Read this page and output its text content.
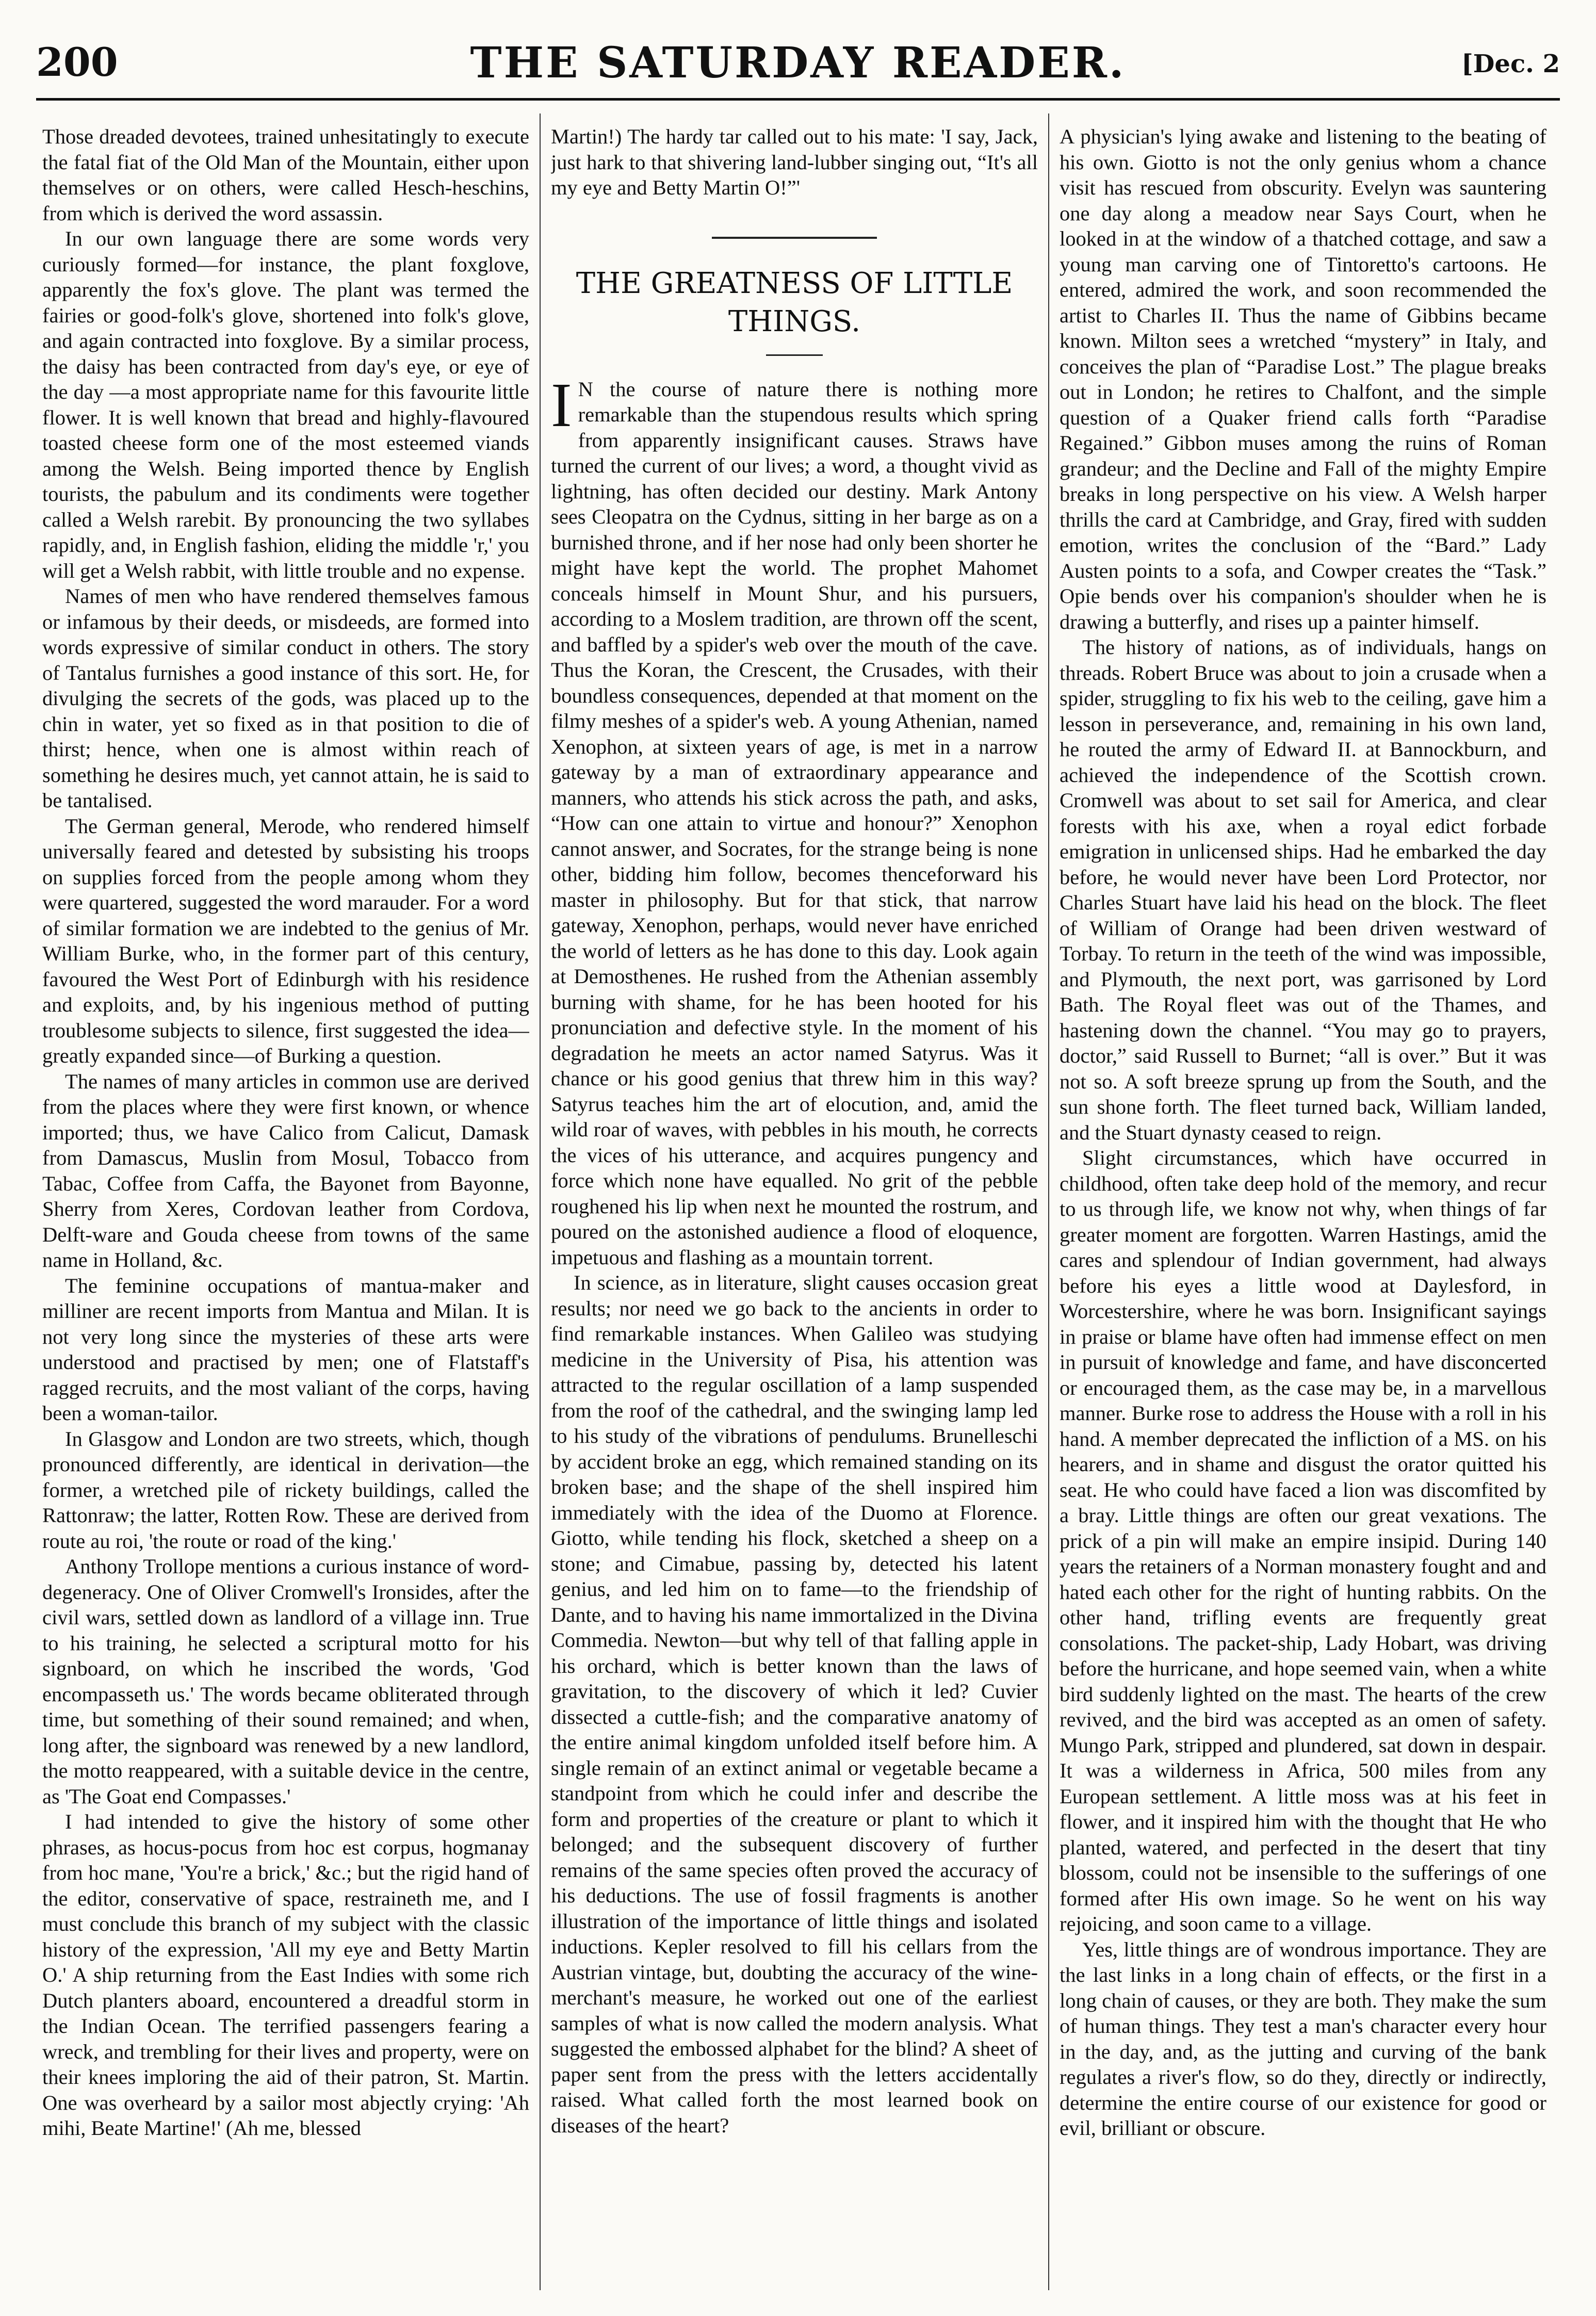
200	THE SATURDAY READER.	[Dec. 2

Those dreaded devotees, trained unhesitatingly to execute the fatal fiat of the Old Man of the Mountain, either upon themselves or on others, were called Hesch-heschins, from which is derived the word assassin.

In our own language there are some words very curiously formed—for instance, the plant foxglove, apparently the fox's glove. The plant was termed the fairies or good-folk's glove, shortened into folk's glove, and again contracted into foxglove. By a similar process, the daisy has been contracted from day's eye, or eye of the day —a most appropriate name for this favourite little flower. It is well known that bread and highly-flavoured toasted cheese form one of the most esteemed viands among the Welsh. Being imported thence by English tourists, the pabulum and its condiments were together called a Welsh rarebit. By pronouncing the two syllabes rapidly, and, in English fashion, eliding the middle 'r,' you will get a Welsh rabbit, with little trouble and no expense.

Names of men who have rendered themselves famous or infamous by their deeds, or misdeeds, are formed into words expressive of similar conduct in others. The story of Tantalus furnishes a good instance of this sort. He, for divulging the secrets of the gods, was placed up to the chin in water, yet so fixed as in that position to die of thirst; hence, when one is almost within reach of something he desires much, yet cannot attain, he is said to be tantalised.

The German general, Merode, who rendered himself universally feared and detested by subsisting his troops on supplies forced from the people among whom they were quartered, suggested the word marauder. For a word of similar formation we are indebted to the genius of Mr. William Burke, who, in the former part of this century, favoured the West Port of Edinburgh with his residence and exploits, and, by his ingenious method of putting troublesome subjects to silence, first suggested the idea—greatly expanded since—of Burking a question.

The names of many articles in common use are derived from the places where they were first known, or whence imported; thus, we have Calico from Calicut, Damask from Damascus, Muslin from Mosul, Tobacco from Tabac, Coffee from Caffa, the Bayonet from Bayonne, Sherry from Xeres, Cordovan leather from Cordova, Delft-ware and Gouda cheese from towns of the same name in Holland, &c.

The feminine occupations of mantua-maker and milliner are recent imports from Mantua and Milan. It is not very long since the mysteries of these arts were understood and practised by men; one of Flatstaff's ragged recruits, and the most valiant of the corps, having been a woman-tailor.

In Glasgow and London are two streets, which, though pronounced differently, are identical in derivation—the former, a wretched pile of rickety buildings, called the Rattonraw; the latter, Rotten Row. These are derived from route au roi, 'the route or road of the king.'

Anthony Trollope mentions a curious instance of word-degeneracy. One of Oliver Cromwell's Ironsides, after the civil wars, settled down as landlord of a village inn. True to his training, he selected a scriptural motto for his signboard, on which he inscribed the words, 'God encompasseth us.' The words became obliterated through time, but something of their sound remained; and when, long after, the signboard was renewed by a new landlord, the motto reappeared, with a suitable device in the centre, as 'The Goat end Compasses.'

I had intended to give the history of some other phrases, as hocus-pocus from hoc est corpus, hogmanay from hoc mane, 'You're a brick,' &c.; but the rigid hand of the editor, conservative of space, restraineth me, and I must conclude this branch of my subject with the classic history of the expression, 'All my eye and Betty Martin O.' A ship returning from the East Indies with some rich Dutch planters aboard, encountered a dreadful storm in the Indian Ocean. The terrified passengers fearing a wreck, and trembling for their lives and property, were on their knees imploring the aid of their patron, St. Martin. One was overheard by a sailor most abjectly crying: 'Ah mihi, Beate Martine!' (Ah me, blessed

Martin!) The hardy tar called out to his mate: 'I say, Jack, just hark to that shivering land-lubber singing out, “It's all my eye and Betty Martin O!”'

THE GREATNESS OF LITTLE THINGS.

I N the course of nature there is nothing more remarkable than the stupendous results which spring from apparently insignificant causes. Straws have turned the current of our lives; a word, a thought vivid as lightning, has often decided our destiny. Mark Antony sees Cleopatra on the Cydnus, sitting in her barge as on a burnished throne, and if her nose had only been shorter he might have kept the world. The prophet Mahomet conceals himself in Mount Shur, and his pursuers, according to a Moslem tradition, are thrown off the scent, and baffled by a spider's web over the mouth of the cave. Thus the Koran, the Crescent, the Crusades, with their boundless consequences, depended at that moment on the filmy meshes of a spider's web. A young Athenian, named Xenophon, at sixteen years of age, is met in a narrow gateway by a man of extraordinary appearance and manners, who attends his stick across the path, and asks, “How can one attain to virtue and honour?” Xenophon cannot answer, and Socrates, for the strange being is none other, bidding him follow, becomes thenceforward his master in philosophy. But for that stick, that narrow gateway, Xenophon, perhaps, would never have enriched the world of letters as he has done to this day. Look again at Demosthenes. He rushed from the Athenian assembly burning with shame, for he has been hooted for his pronunciation and defective style. In the moment of his degradation he meets an actor named Satyrus. Was it chance or his good genius that threw him in this way? Satyrus teaches him the art of elocution, and, amid the wild roar of waves, with pebbles in his mouth, he corrects the vices of his utterance, and acquires pungency and force which none have equalled. No grit of the pebble roughened his lip when next he mounted the rostrum, and poured on the astonished audience a flood of eloquence, impetuous and flashing as a mountain torrent.

In science, as in literature, slight causes occasion great results; nor need we go back to the ancients in order to find remarkable instances. When Galileo was studying medicine in the University of Pisa, his attention was attracted to the regular oscillation of a lamp suspended from the roof of the cathedral, and the swinging lamp led to his study of the vibrations of pendulums. Brunelleschi by accident broke an egg, which remained standing on its broken base; and the shape of the shell inspired him immediately with the idea of the Duomo at Florence. Giotto, while tending his flock, sketched a sheep on a stone; and Cimabue, passing by, detected his latent genius, and led him on to fame—to the friendship of Dante, and to having his name immortalized in the Divina Commedia. Newton—but why tell of that falling apple in his orchard, which is better known than the laws of gravitation, to the discovery of which it led? Cuvier dissected a cuttle-fish; and the comparative anatomy of the entire animal kingdom unfolded itself before him. A single remain of an extinct animal or vegetable became a standpoint from which he could infer and describe the form and properties of the creature or plant to which it belonged; and the subsequent discovery of further remains of the same species often proved the accuracy of his deductions. The use of fossil fragments is another illustration of the importance of little things and isolated inductions. Kepler resolved to fill his cellars from the Austrian vintage, but, doubting the accuracy of the wine-merchant's measure, he worked out one of the earliest samples of what is now called the modern analysis. What suggested the embossed alphabet for the blind? A sheet of paper sent from the press with the letters accidentally raised. What called forth the most learned book on diseases of the heart?

A physician's lying awake and listening to the beating of his own. Giotto is not the only genius whom a chance visit has rescued from obscurity. Evelyn was sauntering one day along a meadow near Says Court, when he looked in at the window of a thatched cottage, and saw a young man carving one of Tintoretto's cartoons. He entered, admired the work, and soon recommended the artist to Charles II. Thus the name of Gibbins became known. Milton sees a wretched “mystery” in Italy, and conceives the plan of “Paradise Lost.” The plague breaks out in London; he retires to Chalfont, and the simple question of a Quaker friend calls forth “Paradise Regained.” Gibbon muses among the ruins of Roman grandeur; and the Decline and Fall of the mighty Empire breaks in long perspective on his view. A Welsh harper thrills the card at Cambridge, and Gray, fired with sudden emotion, writes the conclusion of the “Bard.” Lady Austen points to a sofa, and Cowper creates the “Task.” Opie bends over his companion's shoulder when he is drawing a butterfly, and rises up a painter himself.

The history of nations, as of individuals, hangs on threads. Robert Bruce was about to join a crusade when a spider, struggling to fix his web to the ceiling, gave him a lesson in perseverance, and, remaining in his own land, he routed the army of Edward II. at Bannockburn, and achieved the independence of the Scottish crown. Cromwell was about to set sail for America, and clear forests with his axe, when a royal edict forbade emigration in unlicensed ships. Had he embarked the day before, he would never have been Lord Protector, nor Charles Stuart have laid his head on the block. The fleet of William of Orange had been driven westward of Torbay. To return in the teeth of the wind was impossible, and Plymouth, the next port, was garrisoned by Lord Bath. The Royal fleet was out of the Thames, and hastening down the channel. “You may go to prayers, doctor,” said Russell to Burnet; “all is over.” But it was not so. A soft breeze sprung up from the South, and the sun shone forth. The fleet turned back, William landed, and the Stuart dynasty ceased to reign.

Slight circumstances, which have occurred in childhood, often take deep hold of the memory, and recur to us through life, we know not why, when things of far greater moment are forgotten. Warren Hastings, amid the cares and splendour of Indian government, had always before his eyes a little wood at Daylesford, in Worcestershire, where he was born. Insignificant sayings in praise or blame have often had immense effect on men in pursuit of knowledge and fame, and have disconcerted or encouraged them, as the case may be, in a marvellous manner. Burke rose to address the House with a roll in his hand. A member deprecated the infliction of a MS. on his hearers, and in shame and disgust the orator quitted his seat. He who could have faced a lion was discomfited by a bray. Little things are often our great vexations. The prick of a pin will make an empire insipid. During 140 years the retainers of a Norman monastery fought and and hated each other for the right of hunting rabbits. On the other hand, trifling events are frequently great consolations. The packet-ship, Lady Hobart, was driving before the hurricane, and hope seemed vain, when a white bird suddenly lighted on the mast. The hearts of the crew revived, and the bird was accepted as an omen of safety. Mungo Park, stripped and plundered, sat down in despair. It was a wilderness in Africa, 500 miles from any European settlement. A little moss was at his feet in flower, and it inspired him with the thought that He who planted, watered, and perfected in the desert that tiny blossom, could not be insensible to the sufferings of one formed after His own image. So he went on his way rejoicing, and soon came to a village.

Yes, little things are of wondrous importance. They are the last links in a long chain of effects, or the first in a long chain of causes, or they are both. They make the sum of human things. They test a man's character every hour in the day, and, as the jutting and curving of the bank regulates a river's flow, so do they, directly or indirectly, determine the entire course of our existence for good or evil, brilliant or obscure.
